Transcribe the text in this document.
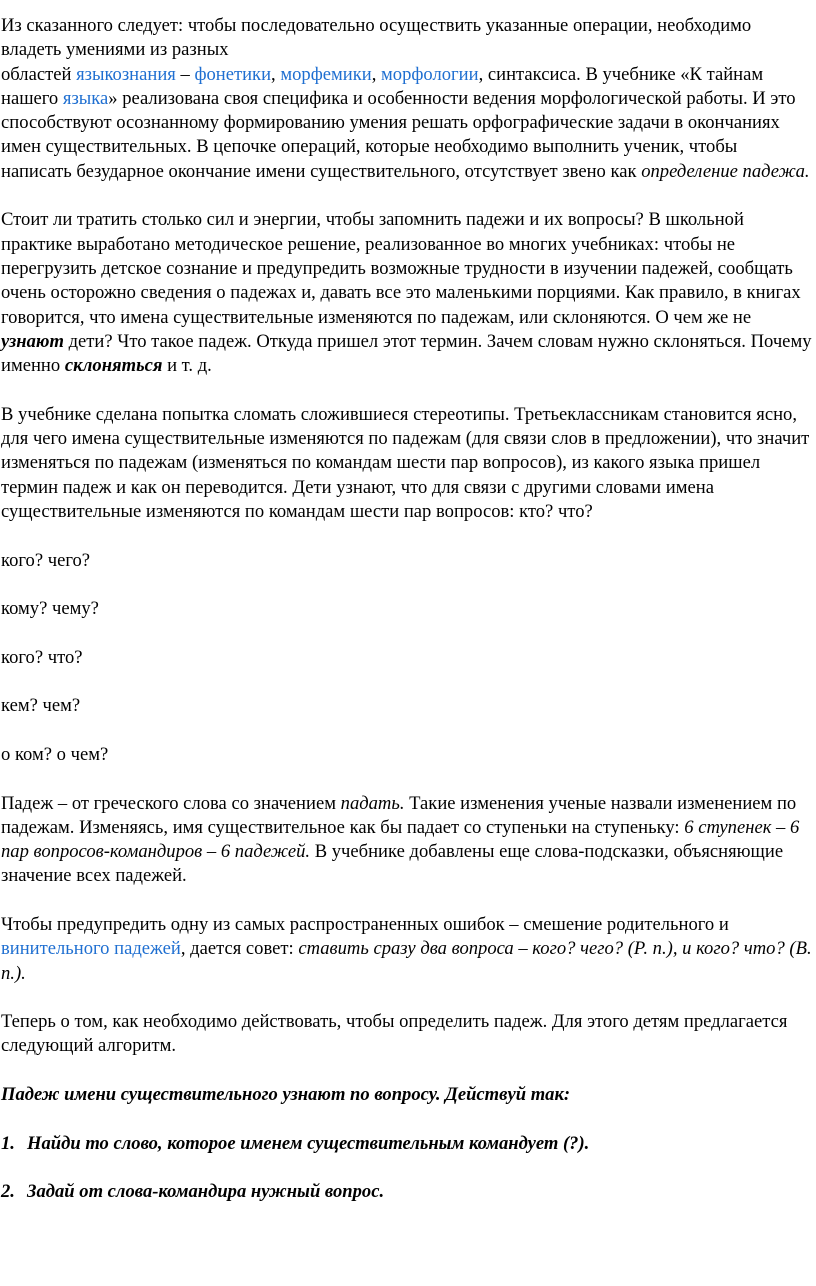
Из сказанного следует: чтобы последовательно осуществить указанные операции, необходимо владеть умениями из разных
областей языкознания – фонетики, морфемики, морфологии, синтаксиса. В учебнике «К тайнам нашего языка» реализована своя специфика и особенности ведения морфологической работы. И это способствуют осознанному формированию умения решать орфографические задачи в окончаниях имен существительных. В цепочке операций, которые необходимо выполнить ученик, чтобы написать безударное окончание имени существительного, отсутствует звено как определение падежа.

Стоит ли тратить столько сил и энергии, чтобы запомнить падежи и их вопросы? В школьной практике выработано методическое решение, реализованное во многих учебниках: чтобы не перегрузить детское сознание и предупредить возможные трудности в изучении падежей, сообщать очень осторожно сведения о падежах и, давать все это маленькими порциями. Как правило, в книгах говорится, что имена существительные изменяются по падежам, или склоняются. О чем же не узнают дети? Что такое падеж. Откуда пришел этот термин. Зачем словам нужно склоняться. Почему
именно склоняться и т. д.

В учебнике сделана попытка сломать сложившиеся стереотипы. Третьеклассникам становится ясно, для чего имена существительные изменяются по падежам (для связи слов в предложении), что значит изменяться по падежам (изменяться по командам шести пар вопросов), из какого языка пришел термин падеж и как он переводится. Дети узнают, что для связи с другими словами имена существительные изменяются по командам шести пар вопросов: кто? что?

кого? чего?

кому? чему?

кого? что?

кем? чем?

о ком? о чем?

Падеж – от греческого слова со значением падать. Такие изменения ученые назвали изменением по падежам. Изменяясь, имя существительное как бы падает со ступеньки на ступеньку: 6 ступенек – 6 пар вопросов-командиров – 6 падежей. В учебнике добавлены еще слова-подсказки, объясняющие значение всех падежей.

Чтобы предупредить одну из самых распространенных ошибок – смешение родительного и винительного падежей, дается совет: ставить сразу два вопроса – кого? чего? (Р. п.), и кого? что? (В. п.).

Теперь о том, как необходимо действовать, чтобы определить падеж. Для этого детям предлагается следующий алгоритм.

Падеж имени существительного узнают по вопросу. Действуй так:

1. Найди то слово, которое именем существительным командует (?).
2. Задай от слова-командира нужный вопрос.
